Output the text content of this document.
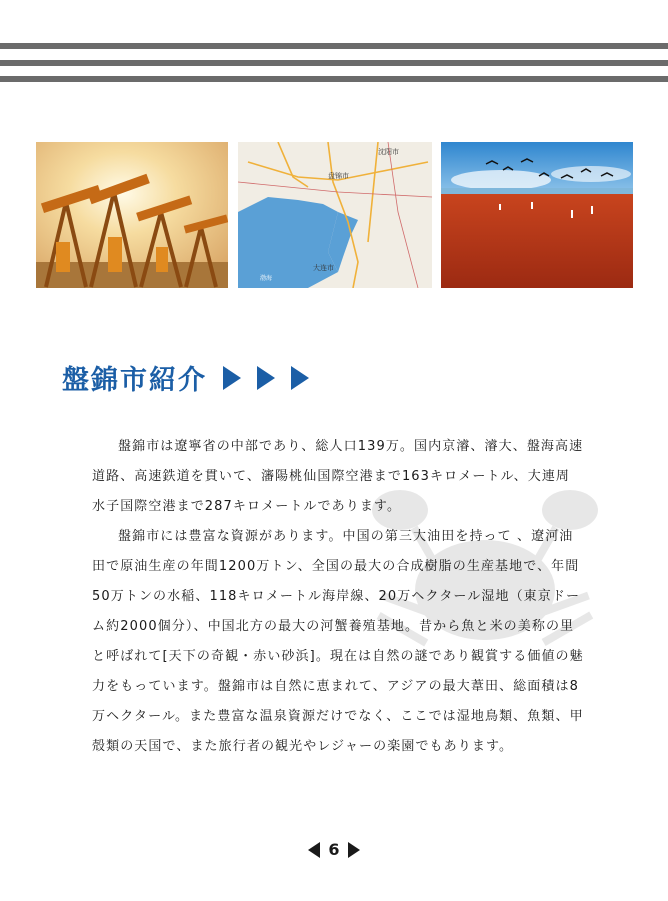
沈阳市
盘锦市
大连市
渤海
盤錦市紹介

盤錦市は遼寧省の中部であり、総人口139万。国内京濬、濬大、盤海高速道路、高速鉄道を貫いて、瀋陽桃仙国際空港まで163キロメートル、大連周水子国際空港まで287キロメートルであります。

盤錦市には豊富な資源があります。中国の第三大油田を持って 、遼河油田で原油生産の年間1200万トン、全国の最大の合成樹脂の生産基地で、年間50万トンの水稲、118キロメートル海岸線、20万ヘクタール湿地（東京ドーム約2000個分）、中国北方の最大の河蟹養殖基地。昔から魚と米の美称の里と呼ばれて[天下の奇観・赤い砂浜]。現在は自然の謎であり観賞する価値の魅力をもっています。盤錦市は自然に恵まれて、アジアの最大葦田、総面積は8万ヘクタール。また豊富な温泉資源だけでなく、ここでは湿地鳥類、魚類、甲殻類の天国で、また旅行者の観光やレジャーの楽園でもあります。

6
